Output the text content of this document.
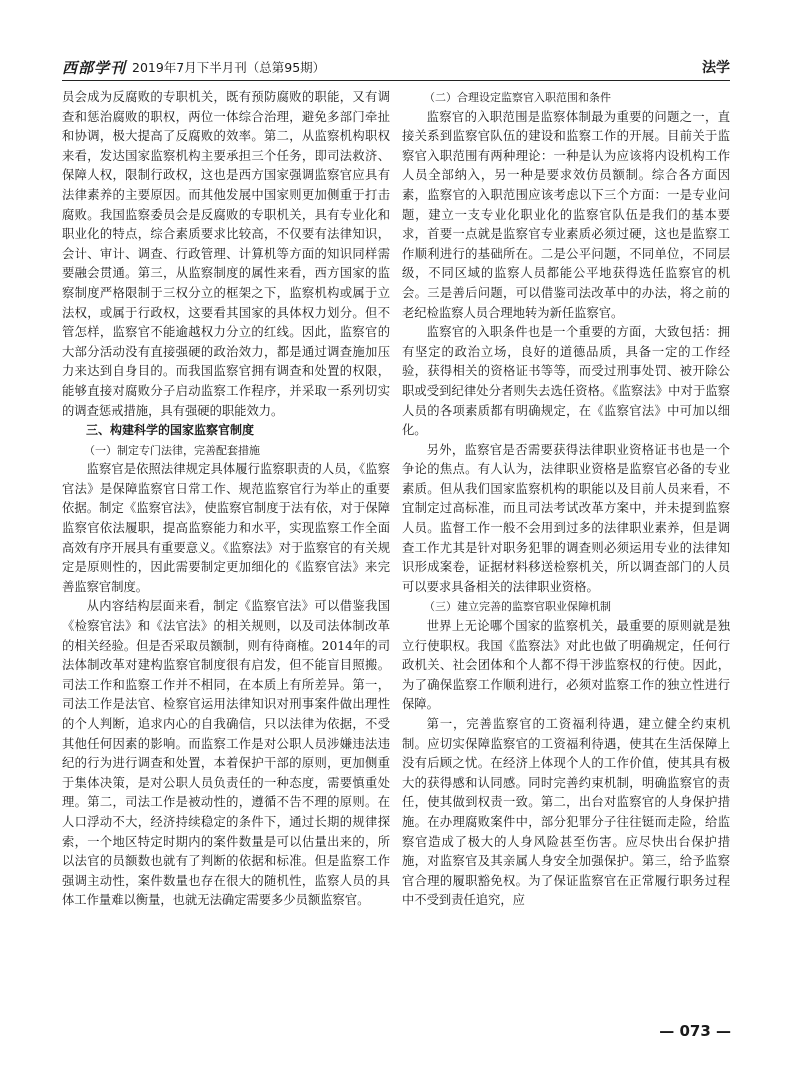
西部学刊 2019年7月下半月刊（总第95期）	法学

员会成为反腐败的专职机关，既有预防腐败的职能，又有调查和惩治腐败的职权，两位一体综合治理，避免多部门牵扯和协调，极大提高了反腐败的效率。第二，从监察机构职权来看，发达国家监察机构主要承担三个任务，即司法救济、保障人权，限制行政权，这也是西方国家强调监察官应具有法律素养的主要原因。而其他发展中国家则更加侧重于打击腐败。我国监察委员会是反腐败的专职机关，具有专业化和职业化的特点，综合素质要求比较高，不仅要有法律知识，会计、审计、调查、行政管理、计算机等方面的知识同样需要融会贯通。第三，从监察制度的属性来看，西方国家的监察制度严格限制于三权分立的框架之下，监察机构或属于立法权，或属于行政权，这要看其国家的具体权力划分。但不管怎样，监察官不能逾越权力分立的红线。因此，监察官的大部分活动没有直接强硬的政治效力，都是通过调查施加压力来达到自身目的。而我国监察官拥有调查和处置的权限，能够直接对腐败分子启动监察工作程序，并采取一系列切实的调查惩戒措施，具有强硬的职能效力。

三、构建科学的国家监察官制度

（一）制定专门法律，完善配套措施

监察官是依照法律规定具体履行监察职责的人员，《监察官法》是保障监察官日常工作、规范监察官行为举止的重要依据。制定《监察官法》，使监察官制度于法有依，对于保障监察官依法履职，提高监察能力和水平，实现监察工作全面高效有序开展具有重要意义。《监察法》对于监察官的有关规定是原则性的，因此需要制定更加细化的《监察官法》来完善监察官制度。

从内容结构层面来看，制定《监察官法》可以借鉴我国《检察官法》和《法官法》的相关规则，以及司法体制改革的相关经验。但是否采取员额制，则有待商榷。2014年的司法体制改革对建构监察官制度很有启发，但不能盲目照搬。司法工作和监察工作并不相同，在本质上有所差异。第一，司法工作是法官、检察官运用法律知识对刑事案件做出理性的个人判断，追求内心的自我确信，只以法律为依据，不受其他任何因素的影响。而监察工作是对公职人员涉嫌违法违纪的行为进行调查和处置，本着保护干部的原则，更加侧重于集体决策，是对公职人员负责任的一种态度，需要慎重处理。第二，司法工作是被动性的，遵循不告不理的原则。在人口浮动不大，经济持续稳定的条件下，通过长期的规律探索，一个地区特定时期内的案件数量是可以估量出来的，所以法官的员额数也就有了判断的依据和标准。但是监察工作强调主动性，案件数量也存在很大的随机性，监察人员的具体工作量难以衡量，也就无法确定需要多少员额监察官。

（二）合理设定监察官入职范围和条件

监察官的入职范围是监察体制最为重要的问题之一，直接关系到监察官队伍的建设和监察工作的开展。目前关于监察官入职范围有两种理论：一种是认为应该将内设机构工作人员全部纳入，另一种是要求效仿员额制。综合各方面因素，监察官的入职范围应该考虑以下三个方面：一是专业问题，建立一支专业化职业化的监察官队伍是我们的基本要求，首要一点就是监察官专业素质必须过硬，这也是监察工作顺利进行的基础所在。二是公平问题，不同单位，不同层级，不同区域的监察人员都能公平地获得选任监察官的机会。三是善后问题，可以借鉴司法改革中的办法，将之前的老纪检监察人员合理地转为新任监察官。

监察官的入职条件也是一个重要的方面，大致包括：拥有坚定的政治立场，良好的道德品质，具备一定的工作经验，获得相关的资格证书等等，而受过刑事处罚、被开除公职或受到纪律处分者则失去选任资格。《监察法》中对于监察人员的各项素质都有明确规定，在《监察官法》中可加以细化。

另外，监察官是否需要获得法律职业资格证书也是一个争论的焦点。有人认为，法律职业资格是监察官必备的专业素质。但从我们国家监察机构的职能以及目前人员来看，不宜制定过高标准，而且司法考试改革方案中，并未提到监察人员。监督工作一般不会用到过多的法律职业素养，但是调查工作尤其是针对职务犯罪的调查则必须运用专业的法律知识形成案卷，证据材料移送检察机关，所以调查部门的人员可以要求具备相关的法律职业资格。

（三）建立完善的监察官职业保障机制

世界上无论哪个国家的监察机关，最重要的原则就是独立行使职权。我国《监察法》对此也做了明确规定，任何行政机关、社会团体和个人都不得干涉监察权的行使。因此，为了确保监察工作顺利进行，必须对监察工作的独立性进行保障。

第一，完善监察官的工资福利待遇，建立健全约束机制。应切实保障监察官的工资福利待遇，使其在生活保障上没有后顾之忧。在经济上体现个人的工作价值，使其具有极大的获得感和认同感。同时完善约束机制，明确监察官的责任，使其做到权责一致。第二，出台对监察官的人身保护措施。在办理腐败案件中，部分犯罪分子往往铤而走险，给监察官造成了极大的人身风险甚至伤害。应尽快出台保护措施，对监察官及其亲属人身安全加强保护。第三，给予监察官合理的履职豁免权。为了保证监察官在正常履行职务过程中不受到责任追究，应

— 073 —
